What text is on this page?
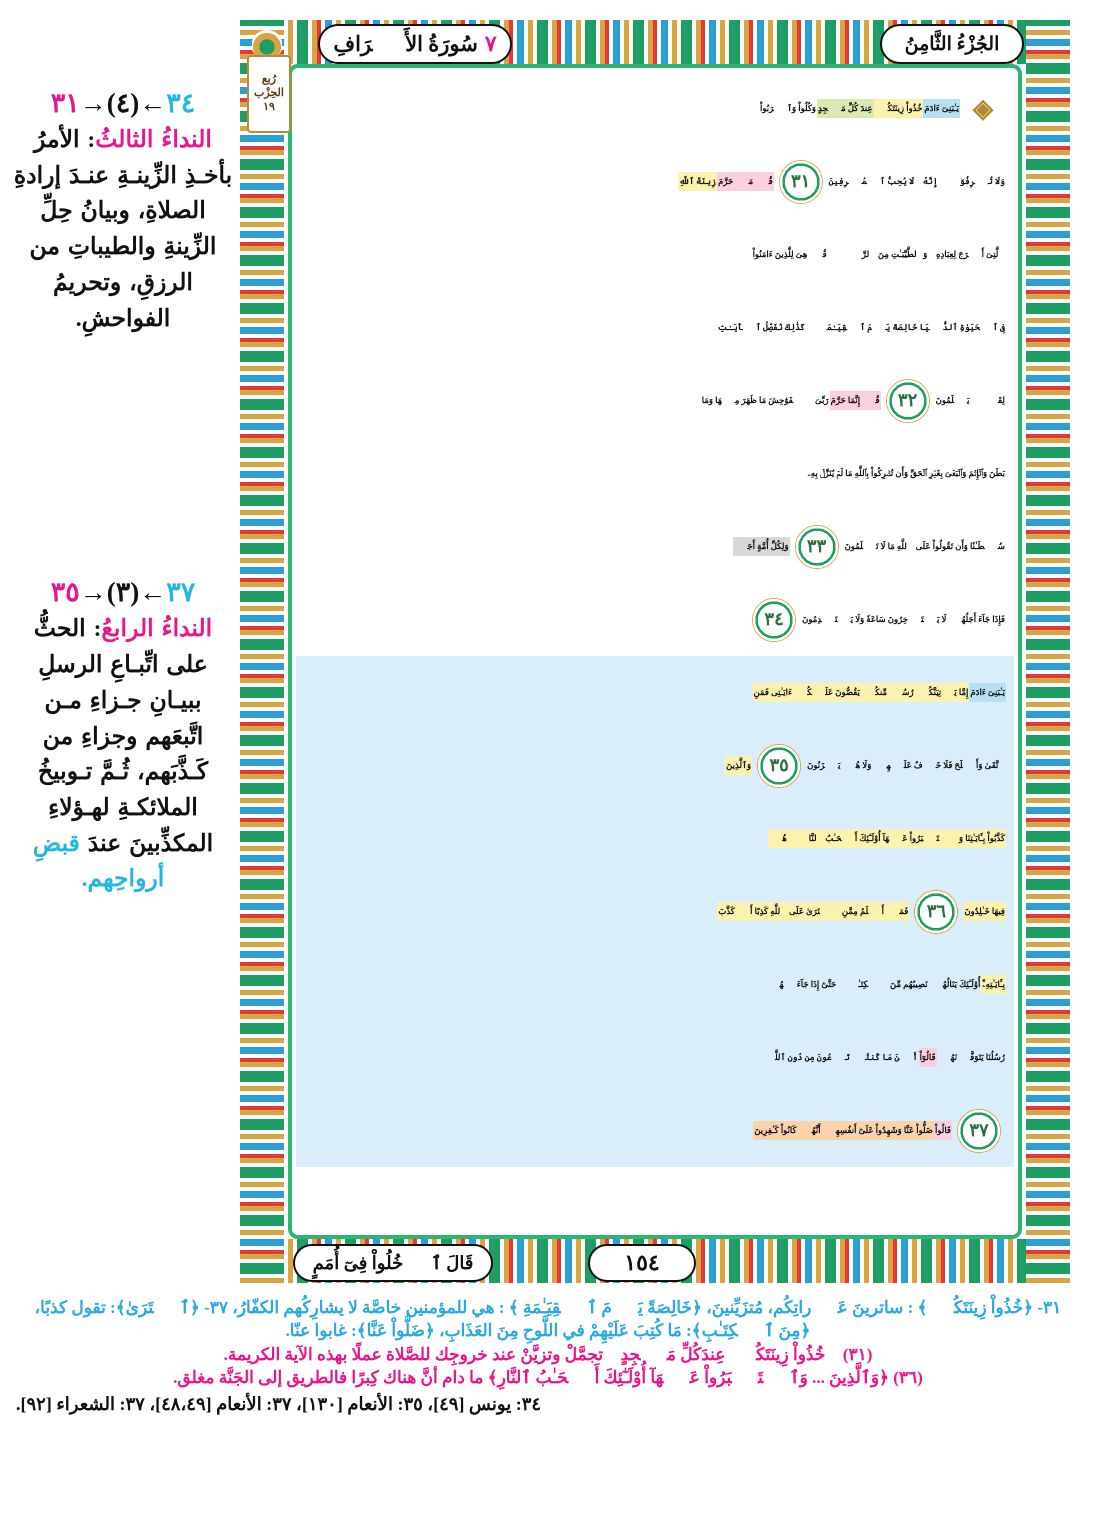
٣٤←(٤)→٣١
النداءُ الثالثُ: الأمرُ بأخـذِ الزِّينـةِ عنـدَ إرادةِ الصلاةِ، وبيانُ حِلِّ الزِّينةِ والطيباتِ من الرزقِ، وتحريمُ الفواحشِ.
٣٧←(٣)→٣٥
النداءُ الرابعُ: الحثُّ على اتِّبـاعِ الرسلِ ببيـانِ جـزاءِ مـن اتَّبعَهم وجزاءِ من كَـذَّبَهم، ثُـمَّ تـوبيخُ الملائكـةِ لهـؤلاءِ المكذِّبينَ عندَ قبضِ أرواحِهم.
رُبع
الحِزْب
١٩
٧
سُورَةُ الأَعۡرَافِ	الجُزْءُ الثَّامِنُ
◈
يَـٰبَنِىٓ ءَادَمَ
خُذُواْ زِينَتَكُمۡ
عِندَ كُلِّ مَسۡجِدٍ
وَكُلُواْ وَٱشۡرَبُواْ
وَلَا تُسۡرِفُوٓاْۚ إِنَّهُۥ لَا يُحِبُّ ٱلۡمُسۡرِفِينَ
٣١
قُلۡ مَنۡ حَرَّمَ
زِينَةَ ٱللَّهِ
ٱلَّتِىٓ أَخۡرَجَ لِعِبَادِهِۦ وَٱلطَّيِّبَـٰتِ مِنَ ٱلرِّزۡقِۚ قُلۡ هِىَ لِلَّذِينَ ءَامَنُواْ
فِى ٱلۡحَيَوٰةِ ٱلدُّنۡيَا خَالِصَةً يَوۡمَ ٱلۡقِيَـٰمَةِۗ كَذَٰلِكَ نُفَصِّلُ ٱلۡأَيَـٰتِ
لِقَوۡمٖ يَعۡلَمُونَ
٣٢
قُلۡ إِنَّمَا حَرَّمَ
رَبِّىَ ٱلۡفَوَٰحِشَ مَا ظَهَرَ مِنۡهَا وَمَا
بَطَنَ وَٱلۡإِثۡمَ وَٱلۡبَغۡىَ بِغَيۡرِ ٱلۡحَقِّ وَأَن تُشۡرِكُواْ بِٱللَّهِ مَا لَمۡ يُنَزِّلۡ بِهِۦ
سُلۡطَـٰنٗا وَأَن تَقُولُواْ عَلَى ٱللَّهِ مَا لَا تَعۡلَمُونَ
٣٣
وَلِكُلِّ أُمَّةٍ أَجَلٞ
فَإِذَا جَآءَ أَجَلُهُمۡ لَا يَسۡتَأۡخِرُونَ سَاعَةٗ وَلَا يَسۡتَقۡدِمُونَ
٣٤
يَـٰبَنِىٓ ءَادَمَ
إِمَّا يَأۡتِيَنَّكُمۡ رُسُلٞ مِّنكُمۡ يَقُصُّونَ عَلَيۡكُمۡ ءَايَـٰتِى فَمَنِ
ٱتَّقَىٰ وَأَصۡلَحَ فَلَا خَوۡفٌ عَلَيۡهِمۡ وَلَا هُمۡ يَحۡزَنُونَ
٣٥
وَٱلَّذِينَ
كَذَّبُواْ بِـَٔايَـٰتِنَا وَٱسۡتَكۡبَرُواْ عَنۡهَآ أُوْلَـٰٓئِكَ أَصۡحَـٰبُ ٱلنَّارِۖ هُمۡ
فِيهَا خَـٰلِدُونَ
٣٦
فَمَنۡ أَظۡلَمُ مِمَّنِ ٱفۡتَرَىٰ عَلَى ٱللَّهِ كَذِبًا أَوۡ كَذَّبَ
بِـَٔايَـٰتِهِۦٓۚ
أُوْلَـٰٓئِكَ يَنَالُهُمۡ نَصِيبُهُم مِّنَ ٱلۡكِتَـٰبِۖ حَتَّىٰٓ إِذَا جَآءَتۡهُمۡ
رُسُلُنَا يَتَوَفَّوۡنَهُمۡ
قَالُوٓاْ
أَيۡنَ مَا كُنتُمۡ تَدۡعُونَ مِن دُونِ ٱللَّهِۖ
٣٧
قَالُواْ
ضَلُّواْ عَنَّا وَشَهِدُواْ عَلَىٰٓ أَنفُسِهِمۡ أَنَّهُمۡ كَانُواْ كَـٰفِرِينَ
قَالَ ٱدۡخُلُواْ فِىٓ أُمَمٍ	١٥٤
٣١- ﴿خُذُواْ زِينَتَكُمۡ﴾ : ساترينَ عَوۡراتِكُم، مُتزَيِّنينَ، ﴿خَالِصَةً يَوۡمَ ٱلۡقِيَـٰمَةِ ﴾ : هي للمؤمنين خاصَّة لا يشارِكُهم الكفّارُ، ٣٧- ﴿ٱفۡتَرَىٰ﴾: تقول كذبًا،
﴿مِنَ ٱلۡكِتَـٰبِ﴾: مَا كُتِبَ عَلَيْهِمْ في اللَّوحِ مِنَ العَذَابِ، ﴿ضَلُّواْ عَنَّا﴾: غابوا عنّا.
(٣١) ﴿خُذُواْ زِينَتَكُمۡ عِندَكُلِّ مَسۡجِدٍ﴾ تجمَّلْ وتزيَّنْ عند خروجِك للصَّلاة عملًا بهذه الآية الكريمة.
(٣٦) ﴿وَٱلَّذِينَ ... وَٱسۡتَكۡبَرُواْ عَنۡهَآ أُوْلَـٰٓئِكَ أَصۡحَـٰبُ ٱلنَّارِ﴾ ما دام أنَّ هناك كِبرًا فالطريق إلى الجَنَّة مغلق.
٣٤: يونس [٤٩]، ٣٥: الأنعام [١٣٠]، ٣٧: الأنعام [٤٨،٤٩]، ٣٧: الشعراء [٩٢].
